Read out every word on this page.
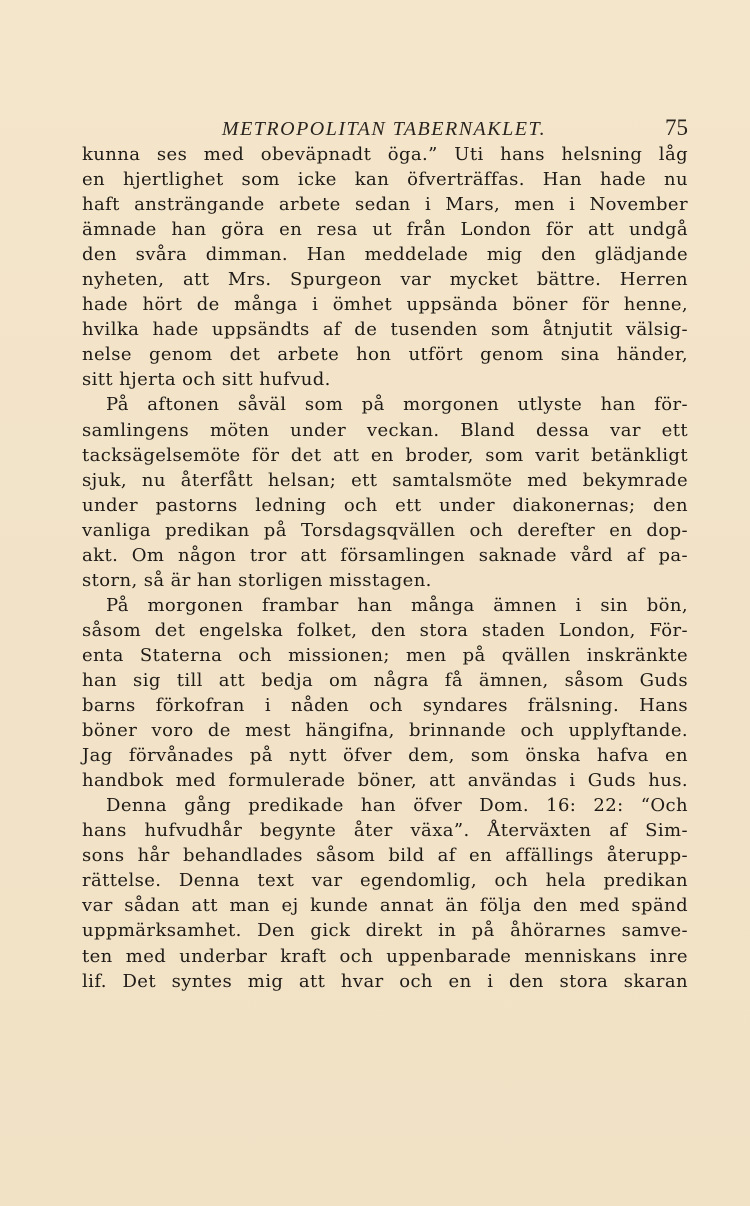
METROPOLITAN TABERNAKLET.	75
kunna ses med obeväpnadt öga.” Uti hans helsning låg
en hjertlighet som icke kan öfverträffas. Han hade nu
haft ansträngande arbete sedan i Mars, men i November
ämnade han göra en resa ut från London för att undgå
den svåra dimman. Han meddelade mig den glädjande
nyheten, att Mrs. Spurgeon var mycket bättre. Herren
hade hört de många i ömhet uppsända böner för henne,
hvilka hade uppsändts af de tusenden som åtnjutit välsig-
nelse genom det arbete hon utfört genom sina händer,
sitt hjerta och sitt hufvud.
På aftonen såväl som på morgonen utlyste han för-
samlingens möten under veckan. Bland dessa var ett
tacksägelsemöte för det att en broder, som varit betänkligt
sjuk, nu återfått helsan; ett samtalsmöte med bekymrade
under pastorns ledning och ett under diakonernas; den
vanliga predikan på Torsdagsqvällen och derefter en dop-
akt. Om någon tror att församlingen saknade vård af pa-
storn, så är han storligen misstagen.
På morgonen frambar han många ämnen i sin bön,
såsom det engelska folket, den stora staden London, För-
enta Staterna och missionen; men på qvällen inskränkte
han sig till att bedja om några få ämnen, såsom Guds
barns förkofran i nåden och syndares frälsning. Hans
böner voro de mest hängifna, brinnande och upplyftande.
Jag förvånades på nytt öfver dem, som önska hafva en
handbok med formulerade böner, att användas i Guds hus.
Denna gång predikade han öfver Dom. 16: 22: “Och
hans hufvudhår begynte åter växa”. Återväxten af Sim-
sons hår behandlades såsom bild af en affällings återupp-
rättelse. Denna text var egendomlig, och hela predikan
var sådan att man ej kunde annat än följa den med spänd
uppmärksamhet. Den gick direkt in på åhörarnes samve-
ten med underbar kraft och uppenbarade menniskans inre
lif. Det syntes mig att hvar och en i den stora skaran
